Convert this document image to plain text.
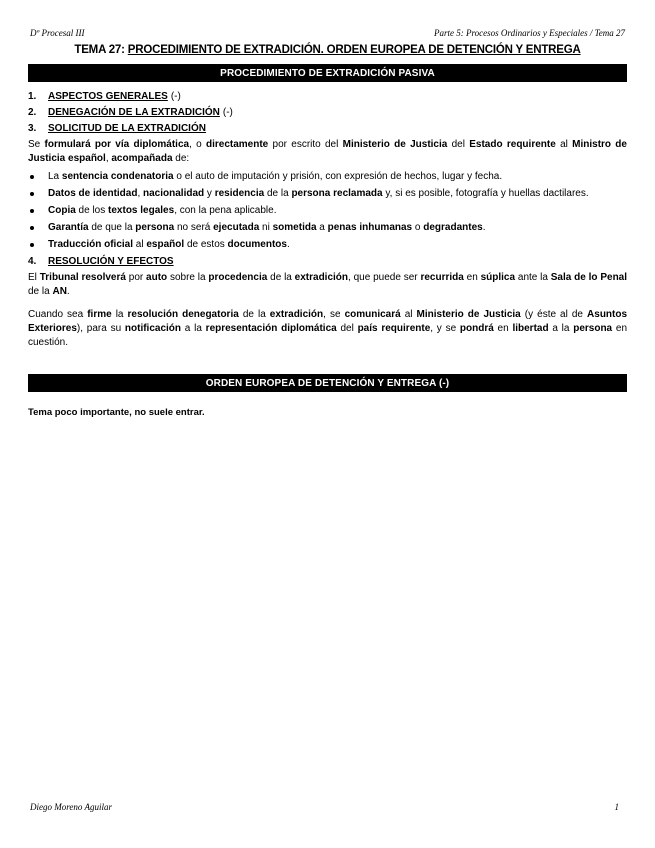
Dº Procesal III	Parte 5: Procesos Ordinarios y Especiales / Tema 27
TEMA 27: PROCEDIMIENTO DE EXTRADICIÓN. ORDEN EUROPEA DE DETENCIÓN Y ENTREGA
PROCEDIMIENTO DE EXTRADICIÓN PASIVA
1.	ASPECTOS GENERALES (-)
2.	DENEGACIÓN DE LA EXTRADICIÓN (-)
3.	SOLICITUD DE LA EXTRADICIÓN

Se formulará por vía diplomática, o directamente por escrito del Ministerio de Justicia del Estado requirente al Ministro de Justicia español, acompañada de:

La sentencia condenatoria o el auto de imputación y prisión, con expresión de hechos, lugar y fecha.
Datos de identidad, nacionalidad y residencia de la persona reclamada y, si es posible, fotografía y huellas dactilares.
Copia de los textos legales, con la pena aplicable.
Garantía de que la persona no será ejecutada ni sometida a penas inhumanas o degradantes.
Traducción oficial al español de estos documentos.
4.	RESOLUCIÓN Y EFECTOS

El Tribunal resolverá por auto sobre la procedencia de la extradición, que puede ser recurrida en súplica ante la Sala de lo Penal de la AN.

Cuando sea firme la resolución denegatoria de la extradición, se comunicará al Ministerio de Justicia (y éste al de Asuntos Exteriores), para su notificación a la representación diplomática del país requirente, y se pondrá en libertad a la persona en cuestión.

ORDEN EUROPEA DE DETENCIÓN Y ENTREGA (-)
Tema poco importante, no suele entrar.
Diego Moreno Aguilar	1
